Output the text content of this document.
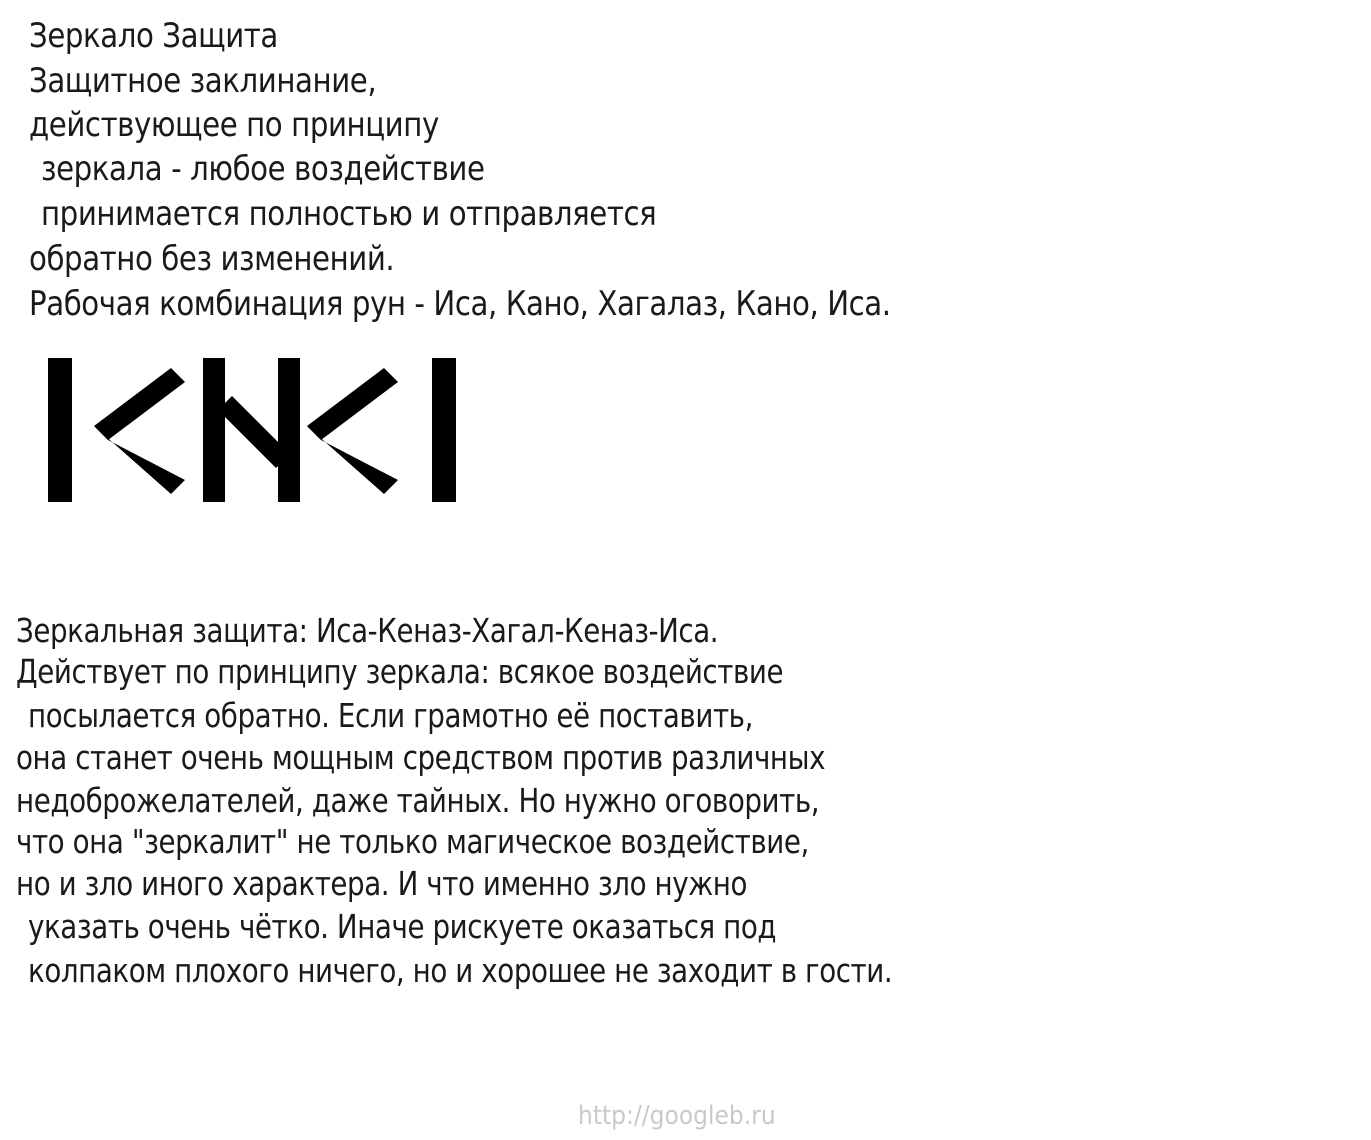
Зеркало Защита
Защитное заклинание,
действующее по принципу
зеркала - любое воздействие
принимается полностью и отправляется
обратно без изменений.
Рабочая комбинация рун - Иса, Кано, Хагалаз, Кано, Иса.
Зеркальная защита: Иса-Кеназ-Хагал-Кеназ-Иса.
Действует по принципу зеркала: всякое воздействие
посылается обратно. Если грамотно её поставить,
она станет очень мощным средством против различных
недоброжелателей, даже тайных. Но нужно оговорить,
что она "зеркалит" не только магическое воздействие,
но и зло иного характера. И что именно зло нужно
указать очень чётко. Иначе рискуете оказаться под
колпаком плохого ничего, но и хорошее не заходит в гости.
http://googleb.ru
